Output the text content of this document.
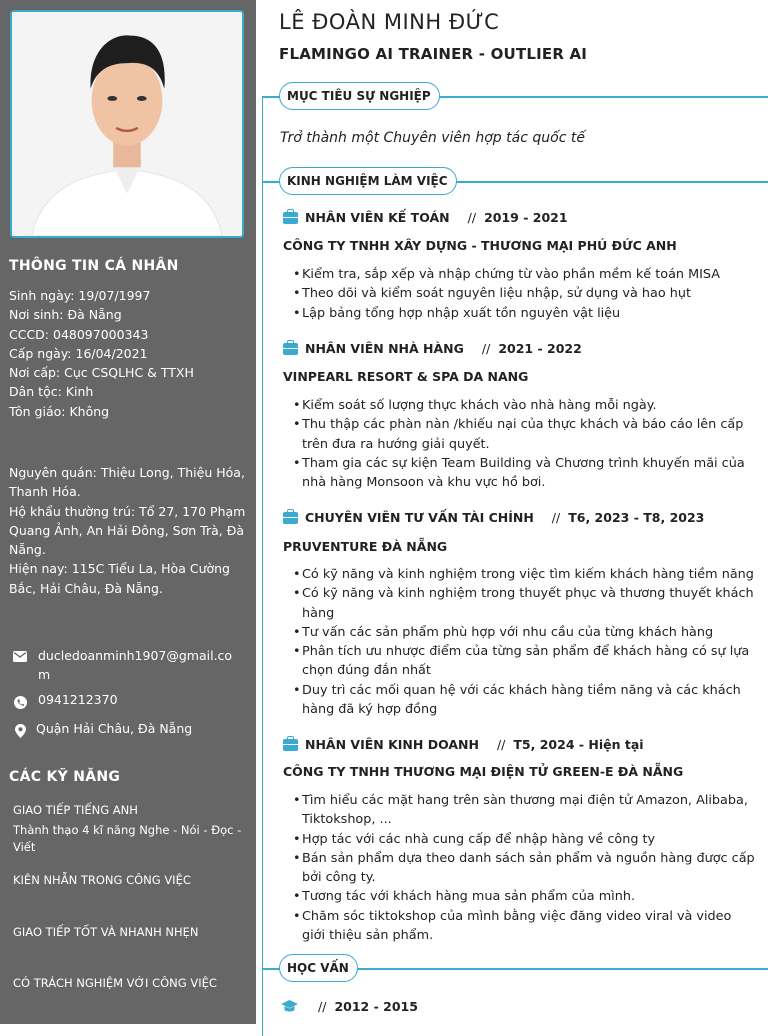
THÔNG TIN CÁ NHÂN
Sinh ngày: 19/07/1997
Nơi sinh: Đà Nẵng
CCCD: 048097000343
Cấp ngày: 16/04/2021
Nơi cấp: Cục CSQLHC & TTXH
Dân tộc: Kinh
Tôn giáo: Không
Nguyên quán: Thiệu Long, Thiệu Hóa, Thanh Hóa.
Hộ khẩu thường trú: Tổ 27, 170 Phạm Quang Ảnh, An Hải Đông, Sơn Trà, Đà Nẵng.
Hiện nay: 115C Tiểu La, Hòa Cường Bắc, Hải Châu, Đà Nẵng.
ducledoanminh1907@gmail.co
m
0941212370
Quận Hải Châu, Đà Nẵng
CÁC KỸ NĂNG
GIAO TIẾP TIẾNG ANH
Thành thạo 4 kĩ năng Nghe - Nói - Đọc - Viết
KIÊN NHẪN TRONG CÔNG VIỆC
GIAO TIẾP TỐT VÀ NHANH NHẸN
CÓ TRÁCH NGHIỆM VỚI CÔNG VIỆC
LÊ ĐOÀN MINH ĐỨC
FLAMINGO AI TRAINER - OUTLIER AI
MỤC TIÊU SỰ NGHIỆP
Trở thành một Chuyên viên hợp tác quốc tế
KINH NGHIỆM LÀM VIỆC
NHÂN VIÊN KẾ TOÁN // 2019 - 2021
CÔNG TY TNHH XÂY DỰNG - THƯƠNG MẠI PHÚ ĐỨC ANH
• Kiểm tra, sắp xếp và nhập chứng từ vào phần mềm kế toán MISA
• Theo dõi và kiểm soát nguyên liệu nhập, sử dụng và hao hụt
• Lập bảng tổng hợp nhập xuất tồn nguyên vật liệu
NHÂN VIÊN NHÀ HÀNG // 2021 - 2022
VINPEARL RESORT & SPA DA NANG
• Kiểm soát số lượng thực khách vào nhà hàng mỗi ngày.
• Thu thập các phàn nàn /khiếu nại của thực khách và báo cáo lên cấp trên đưa ra hướng giải quyết.
• Tham gia các sự kiện Team Building và Chương trình khuyến mãi của nhà hàng Monsoon và khu vực hồ bơi.
CHUYÊN VIÊN TƯ VẤN TÀI CHÍNH // T6, 2023 - T8, 2023
PRUVENTURE ĐÀ NẴNG
• Có kỹ năng và kinh nghiệm trong việc tìm kiếm khách hàng tiềm năng
• Có kỹ năng và kinh nghiệm trong thuyết phục và thương thuyết khách hàng
• Tư vấn các sản phẩm phù hợp với nhu cầu của từng khách hàng
• Phân tích ưu nhược điểm của từng sản phẩm để khách hàng có sự lựa chọn đúng đắn nhất
• Duy trì các mối quan hệ với các khách hàng tiềm năng và các khách hàng đã ký hợp đồng
NHÂN VIÊN KINH DOANH // T5, 2024 - Hiện tại
CÔNG TY TNHH THƯƠNG MẠI ĐIỆN TỬ GREEN-E ĐÀ NẴNG
• Tìm hiểu các mặt hang trên sàn thương mại điện tử Amazon, Alibaba, Tiktokshop, ...
• Hợp tác với các nhà cung cấp để nhập hàng về công ty
• Bán sản phẩm dựa theo danh sách sản phẩm và nguồn hàng được cấp bởi công ty.
• Tương tác với khách hàng mua sản phẩm của mình.
• Chăm sóc tiktokshop của mình bằng việc đăng video viral và video giới thiệu sản phẩm.
HỌC VẤN
// 2012 - 2015
